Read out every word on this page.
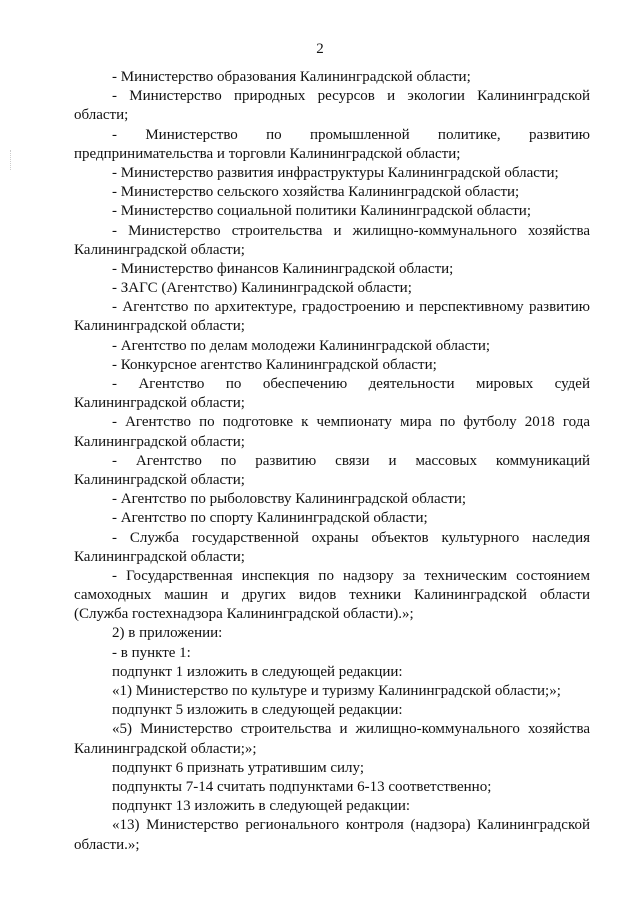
2
- Министерство образования Калининградской области;
- Министерство природных ресурсов и экологии Калининградской
области;
- Министерство по промышленной политике, развитию
предпринимательства и торговли Калининградской области;
- Министерство развития инфраструктуры Калининградской области;
- Министерство сельского хозяйства Калининградской области;
- Министерство социальной политики Калининградской области;
- Министерство строительства и жилищно-коммунального хозяйства
Калининградской области;
- Министерство финансов Калининградской области;
- ЗАГС (Агентство) Калининградской области;
- Агентство по архитектуре, градостроению и перспективному развитию
Калининградской области;
- Агентство по делам молодежи Калининградской области;
- Конкурсное агентство Калининградской области;
- Агентство по обеспечению деятельности мировых судей
Калининградской области;
- Агентство по подготовке к чемпионату мира по футболу 2018 года
Калининградской области;
- Агентство по развитию связи и массовых коммуникаций
Калининградской области;
- Агентство по рыболовству Калининградской области;
- Агентство по спорту Калининградской области;
- Служба государственной охраны объектов культурного наследия
Калининградской области;
- Государственная инспекция по надзору за техническим состоянием
самоходных машин и других видов техники Калининградской области
(Служба гостехнадзора Калининградской области).»;
2) в приложении:
- в пункте 1:
подпункт 1 изложить в следующей редакции:
«1) Министерство по культуре и туризму Калининградской области;»;
подпункт 5 изложить в следующей редакции:
«5) Министерство строительства и жилищно-коммунального хозяйства
Калининградской области;»;
подпункт 6 признать утратившим силу;
подпункты 7-14 считать подпунктами 6-13 соответственно;
подпункт 13 изложить в следующей редакции:
«13) Министерство регионального контроля (надзора) Калининградской
области.»;
